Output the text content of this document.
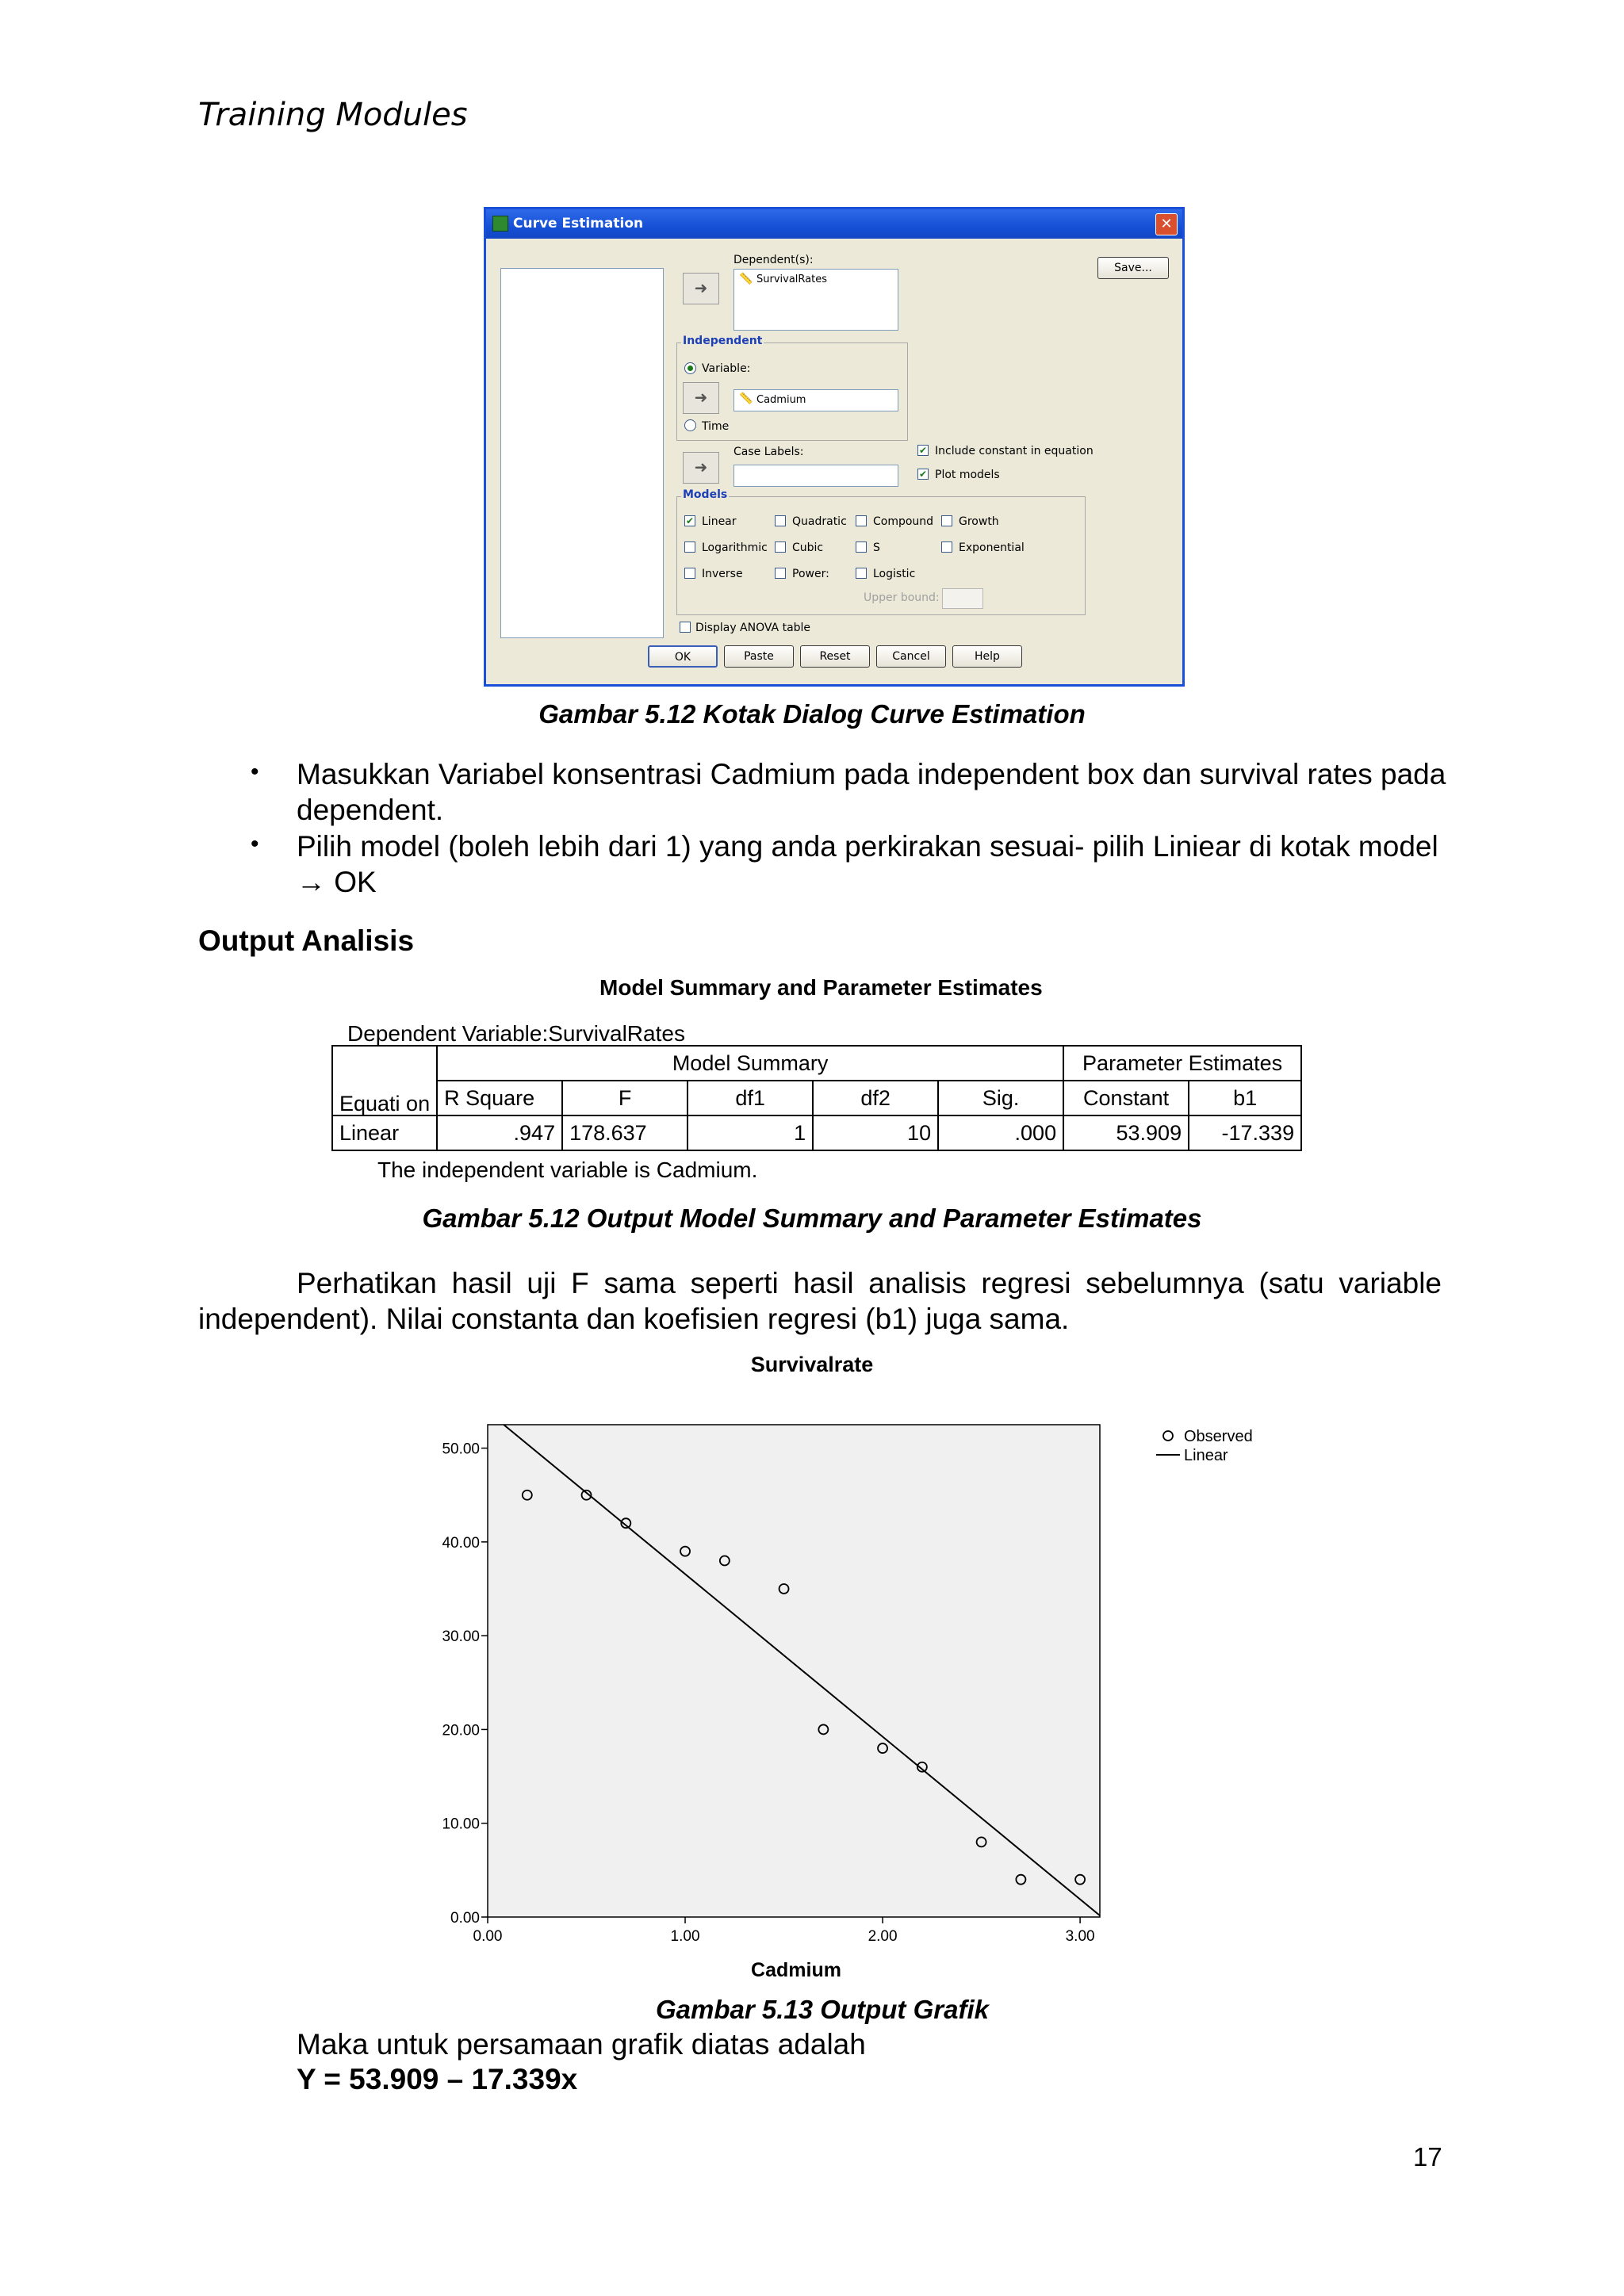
Training Modules
Curve Estimation	✕
Dependent(s):
➜	📏 SurvivalRates
Save...
Independent
Variable:
➜	📏 Cadmium
Time
Case Labels:
➜
✔ Include constant in equation
✔ Plot models
Models
✔ Linear	Quadratic Compound Growth
Logarithmic Cubic	S	Exponential
Inverse	Power:	Logistic
Upper bound:
Display ANOVA table
OK	Paste	Reset	Cancel	Help
Gambar 5.12 Kotak Dialog Curve Estimation
• Masukkan Variabel konsentrasi Cadmium pada independent box dan survival rates pada dependent.
• Pilih model (boleh lebih dari 1) yang anda perkirakan sesuai- pilih Liniear di kotak model → OK
Output Analisis
Model Summary and Parameter Estimates
Dependent Variable:SurvivalRates
Equati on	Model Summary					Parameter Estimates	
	R Square	F	df1	df2	Sig.	Constant	b1
Linear	.947	178.637	1	10	.000	53.909	-17.339
The independent variable is Cadmium.
Gambar 5.12 Output Model Summary and Parameter Estimates
Perhatikan hasil uji F sama seperti hasil analisis regresi sebelumnya (satu variable independent). Nilai constanta dan koefisien regresi (b1) juga sama.
Survivalrate
0.00
10.00
20.00
30.00
40.00
50.00
0.00	1.00	2.00	3.00
Observed
Linear
Cadmium
Gambar 5.13 Output Grafik
Maka untuk persamaan grafik diatas adalah
Y = 53.909 – 17.339x
17
